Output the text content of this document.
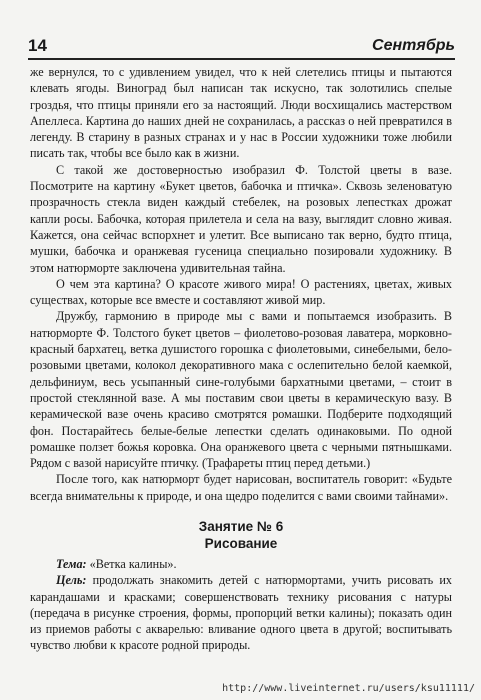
14	Сентябрь

же вернулся, то с удивлением увидел, что к ней слетелись птицы и пытаются клевать ягоды. Виноград был написан так искусно, так золотились спелые гроздья, что птицы приняли его за настоящий. Люди восхищались мастерством Апеллеса. Картина до наших дней не сохранилась, а рассказ о ней превратился в легенду. В старину в разных странах и у нас в России художники тоже любили писать так, чтобы все было как в жизни.

С такой же достоверностью изобразил Ф. Толстой цветы в вазе. Посмотрите на картину «Букет цветов, бабочка и птичка». Сквозь зеленоватую прозрачность стекла виден каждый стебелек, на розовых лепестках дрожат капли росы. Бабочка, которая прилетела и села на вазу, выглядит словно живая. Кажется, она сейчас вспорхнет и улетит. Все выписано так верно, будто птица, мушки, бабочка и оранжевая гусеница специально позировали художнику. В этом натюрморте заключена удивительная тайна.

О чем эта картина? О красоте живого мира! О растениях, цветах, живых существах, которые все вместе и составляют живой мир.

Дружбу, гармонию в природе мы с вами и попытаемся изобразить. В натюрморте Ф. Толстого букет цветов – фиолетово-розовая лаватера, морковно-красный бархатец, ветка душистого горошка с фиолетовыми, синебелыми, бело-розовыми цветами, колокол декоративного мака с ослепительно белой каемкой, дельфиниум, весь усыпанный сине-голубыми бархатными цветами, – стоит в простой стеклянной вазе. А мы поставим свои цветы в керамическую вазу. В керамической вазе очень красиво смотрятся ромашки. Подберите подходящий фон. Постарайтесь белые-белые лепестки сделать одинаковыми. По одной ромашке ползет божья коровка. Она оранжевого цвета с черными пятнышками. Рядом с вазой нарисуйте птичку. (Трафареты птиц перед детьми.)

После того, как натюрморт будет нарисован, воспитатель говорит: «Будьте всегда внимательны к природе, и она щедро поделится с вами своими тайнами».

Занятие № 6
Рисование

Тема: «Ветка калины».

Цель: продолжать знакомить детей с натюрмортами, учить рисовать их карандашами и красками; совершенствовать технику рисования с натуры (передача в рисунке строения, формы, пропорций ветки калины); показать один из приемов работы с акварелью: вливание одного цвета в другой; воспитывать чувство любви к красоте родной природы.

http://www.liveinternet.ru/users/ksu11111/
